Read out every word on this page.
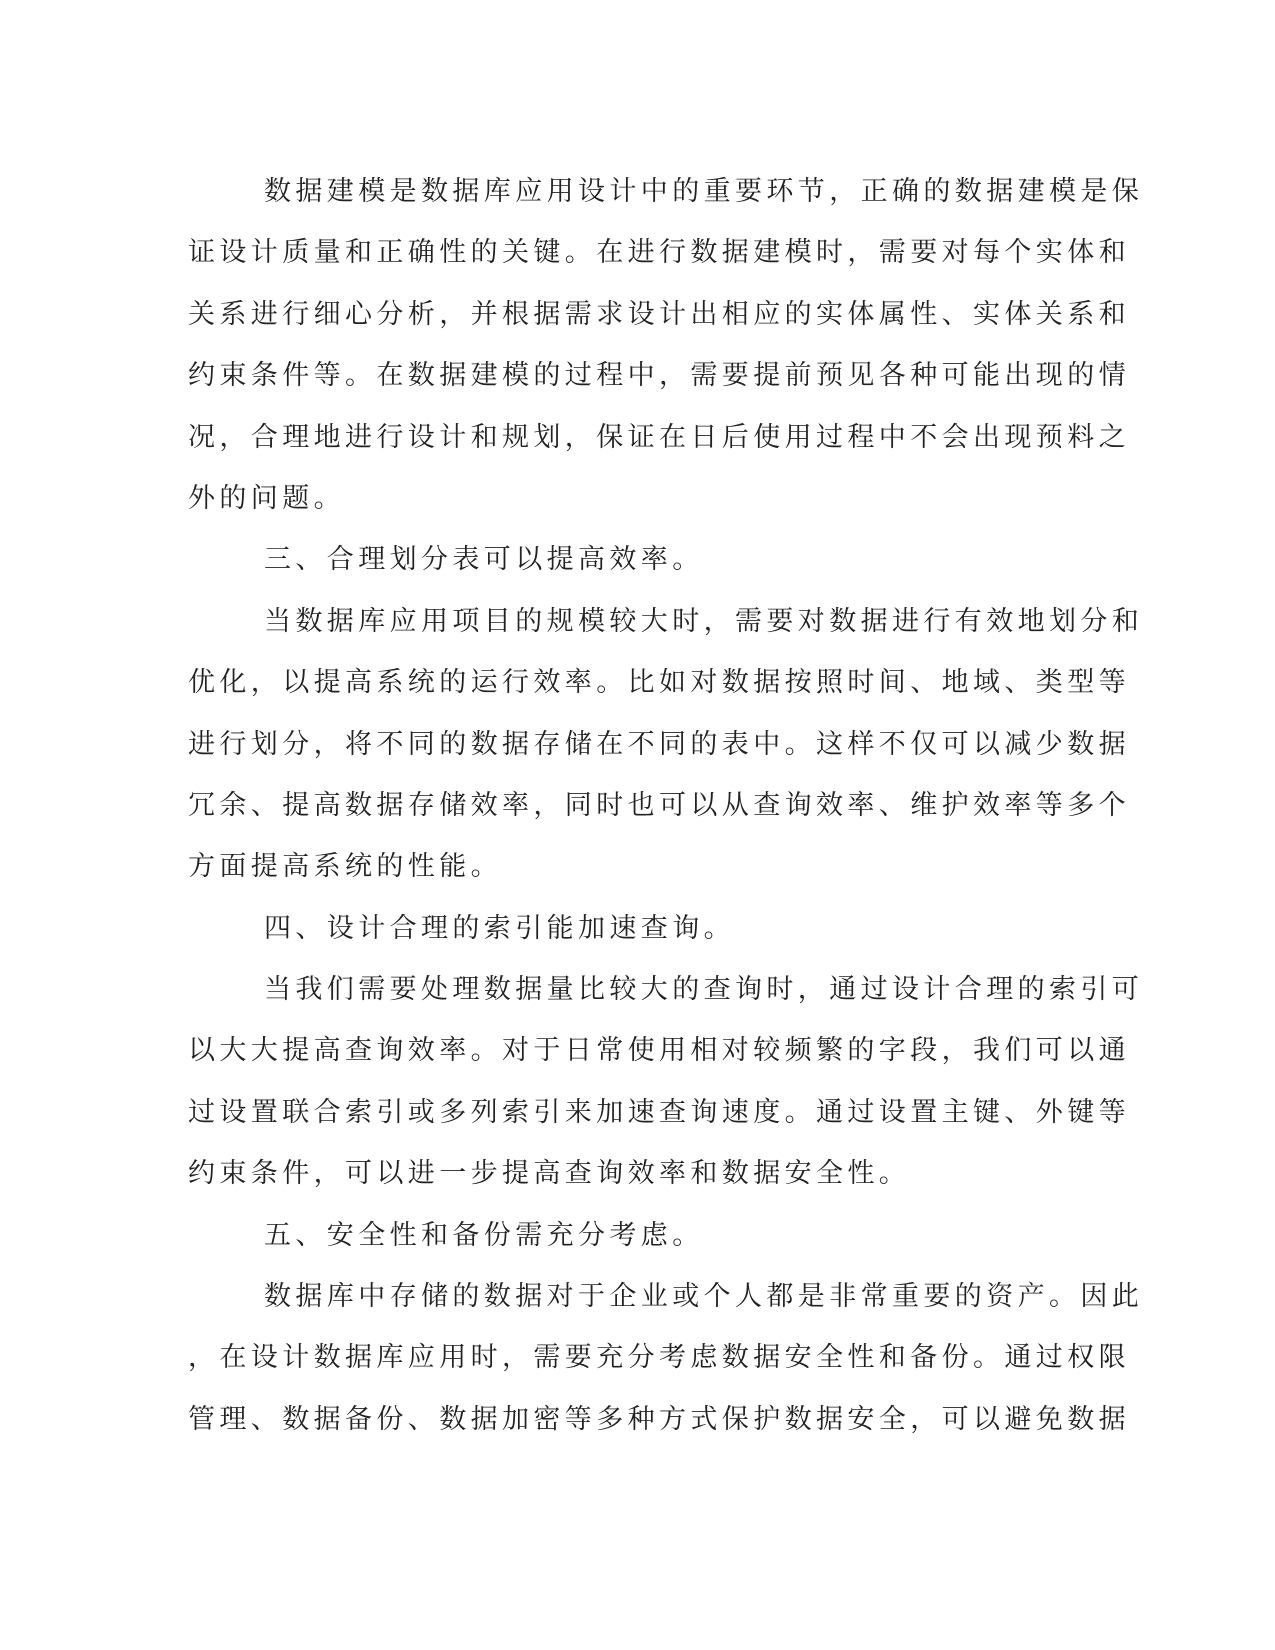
数据建模是数据库应用设计中的重要环节，正确的数据建模是保
证设计质量和正确性的关键。在进行数据建模时，需要对每个实体和
关系进行细心分析，并根据需求设计出相应的实体属性、实体关系和
约束条件等。在数据建模的过程中，需要提前预见各种可能出现的情
况，合理地进行设计和规划，保证在日后使用过程中不会出现预料之
外的问题。
三、合理划分表可以提高效率。
当数据库应用项目的规模较大时，需要对数据进行有效地划分和
优化，以提高系统的运行效率。比如对数据按照时间、地域、类型等
进行划分，将不同的数据存储在不同的表中。这样不仅可以减少数据
冗余、提高数据存储效率，同时也可以从查询效率、维护效率等多个
方面提高系统的性能。
四、设计合理的索引能加速查询。
当我们需要处理数据量比较大的查询时，通过设计合理的索引可
以大大提高查询效率。对于日常使用相对较频繁的字段，我们可以通
过设置联合索引或多列索引来加速查询速度。通过设置主键、外键等
约束条件，可以进一步提高查询效率和数据安全性。
五、安全性和备份需充分考虑。
数据库中存储的数据对于企业或个人都是非常重要的资产。因此
，在设计数据库应用时，需要充分考虑数据安全性和备份。通过权限
管理、数据备份、数据加密等多种方式保护数据安全，可以避免数据
